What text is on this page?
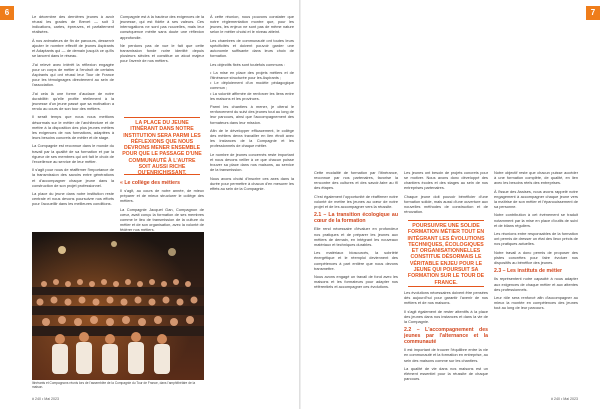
6	7

Le décembre des dernières jeunes à avoir réussi les grades de Brevet — soit 3 indications, cartes, épreuves, et parfaitement réalisées.

À nos animateurs de fin de parcours, desservir ajouter le nombre effectif de jeunes Aspirants et Adaptants qui — de demain jusqu'à ce qu'ils se lancent dans le réseau.

J'ai relevé avec intérêt la réflexion engagée pour un corps de métier à l'endroit de certains Aspirants qui ont réussi leur Tour de France pour les témoignages directement au sein de l'association.

J'ai cela là une forme d'audace de notre durabilité: qu'elle profite réellement à la jeunesse d'un jeune passé que sa motivation a rendu au cours de son tour des métiers.

Il serait temps que nous nous mettions désormais sur le métier de l'architecture et de mettre à la disposition des plus jeunes métiers les exigences de nos formations, adaptées à leurs besoins concrets de métier et de stage.

La Compagnie est reconnue dans le monde du travail par la qualité de sa formation et par la rigueur de ses membres qui ont fait le choix de l'excellence au service de leur métier.

Il s'agit pour nous de réaffirmer l'importance de la transmission des savoirs entre générations et d'accompagner chaque jeune dans la construction de son projet professionnel.

La place du jeune dans notre institution reste centrale et nous devons poursuivre nos efforts pour l'accueillir dans les meilleures conditions.

Compagnie est à la hauteur des exigences de la jeunesse, qui est fidèle à ses valeurs. Ces interrogations ne sont pas nouvelles, mais leur conséquence mérite sans doute une réflexion approfondie.

Ne perdons pas de vue le fait que cette transmission fonde notre identité depuis plusieurs siècles et constitue un atout majeur pour l'avenir de nos métiers.

LA PLACE DU JEUNE ITINÉRANT DANS NOTRE INSTITUTION SERA PARMI LES RÉFLEXIONS QUE NOUS DEVRONS MENER ENSEMBLE POUR QUE LE PASSAGE D'UNE COMMUNAUTÉ À L'AUTRE SOIT AUSSI RICHE
« Le collège des métiers

Il s'agit, au cours de notre année, de mieux préparer et de mieux structurer le collège des métiers.

La Compagnie Jacquet Gan, Compagnon de cœur, avait conçu la formation de ses membres comme le lieu de transmission de la culture du métier et de son organisation, avec la volonté de fédérer nos métiers.

À cette réunion, nous pouvons constater que notre réglementation montre que, pour les jeunes, les enjeux ne sont pas de même nature selon le métier choisi et le niveau atteint.

Les chambres de communauté ont toutes leurs spécificités et doivent pouvoir garder une autonomie suffisante dans leurs choix de formation.

Les objectifs fixés sont toutefois communs :

• La mise en place des projets métiers et de l'itinérance structurée pour les Aspirants ;

• Le déploiement d'un modèle pédagogique commun ;

• La volonté affirmée de renforcer les liens entre les maisons et les provinces.

Parmi les chantiers à mener, je citerai le renforcement du suivi des jeunes tout au long de leur parcours, ainsi que l'accompagnement des formateurs dans leur mission.

Afin de le développer efficacement, le collège des métiers devra travailler en lien étroit avec les instances de la Compagnie et les professionnels de chaque métier.

Le nombre de jeunes concernés reste important et nous devons veiller à ce que chacun puisse trouver sa place dans nos maisons, au service de la transmission.

Nous avons choisi d'inscrire ces axes dans la durée pour permettre à chacun d'en mesurer les effets au sein de la Compagnie.

Itinérants et Compagnons réunis lors de l'assemblée de la Compagnie du Tour de France, dans l'amphithéâtre de la maison.
# 240 • Mai 2023

Cette modalité de formation par l'itinérance, reconnue par nos partenaires, favorise la rencontre des cultures et des savoir-faire au fil des étapes.

C'est également l'opportunité de réaffirmer notre volonté de mettre les jeunes au cœur de notre projet et de les accompagner vers la réussite.

2.1 – La transition écologique au cœur de la formation

Elle rend nécessaire d'évaluer en profondeur nos pratiques et de préparer les jeunes aux métiers de demain, en intégrant les nouveaux matériaux et techniques durables.

Les matériaux biosourcés, la sobriété énergétique et le réemploi deviennent des compétences à part entière que nous devons transmettre.

Nous avons engagé un travail de fond avec les maisons et les formateurs pour adapter nos référentiels et accompagner ces évolutions.

Les jeunes ont besoin de projets concrets pour se motiver. Nous avons donc développé des chantiers écoles et des stages au sein de nos entreprises partenaires.

Chaque jeune doit pouvoir bénéficier d'une formation solide, mais aussi d'une ouverture aux nouvelles méthodes de construction et de rénovation.

POURSUIVRE UNE SOLIDE FORMATION MÉTIER TOUT EN INTÉGRANT LES ÉVOLUTIONS TECHNIQUES, ÉCOLOGIQUES ET ORGANISATIONNELLES CONSTITUE DÉSORMAIS LE VÉRITABLE ENJEU POUR LE JEUNE QUI POURSUIT SA FORMATION SUR LE TOUR DE FRANCE.

Les évolutions nécessaires doivent être pensées dès aujourd'hui pour garantir l'avenir de nos métiers et de nos maisons.

Il s'agit également de rester attentifs à la place des jeunes dans nos instances et dans la vie de la Compagnie.

2.2 – L'accompagnement des jeunes par l'alternance et la communauté

Il est important de trouver l'équilibre entre la vie en communauté et la formation en entreprise, au sein des maisons comme sur les chantiers.

La qualité de vie dans nos maisons est un élément essentiel pour la réussite de chaque parcours.

Notre objectif reste que chacun puisse accéder à une formation complète, de qualité, en lien avec les besoins réels des entreprises.

À l'issue des Assises, nous avons rappelé notre engagement à accompagner chaque jeune vers la maîtrise de son métier et l'épanouissement de sa personne.

Notre contribution à cet événement se traduit notamment par la mise en place d'outils de suivi et de bilans réguliers.

Les réunions entre responsables de la formation ont permis de dresser un état des lieux précis de nos pratiques actuelles.

Notre travail a donc permis de proposer des pistes concrètes pour faire évoluer nos dispositifs au bénéfice des jeunes.

2.3 – Les instituts de métier

Ils représentent notre capacité à nous adapter aux exigences de chaque métier et aux attentes des professionnels.

Leur rôle sera renforcé afin d'accompagner au mieux la montée en compétences des jeunes tout au long de leur parcours.

# 240 • Mai 2023
